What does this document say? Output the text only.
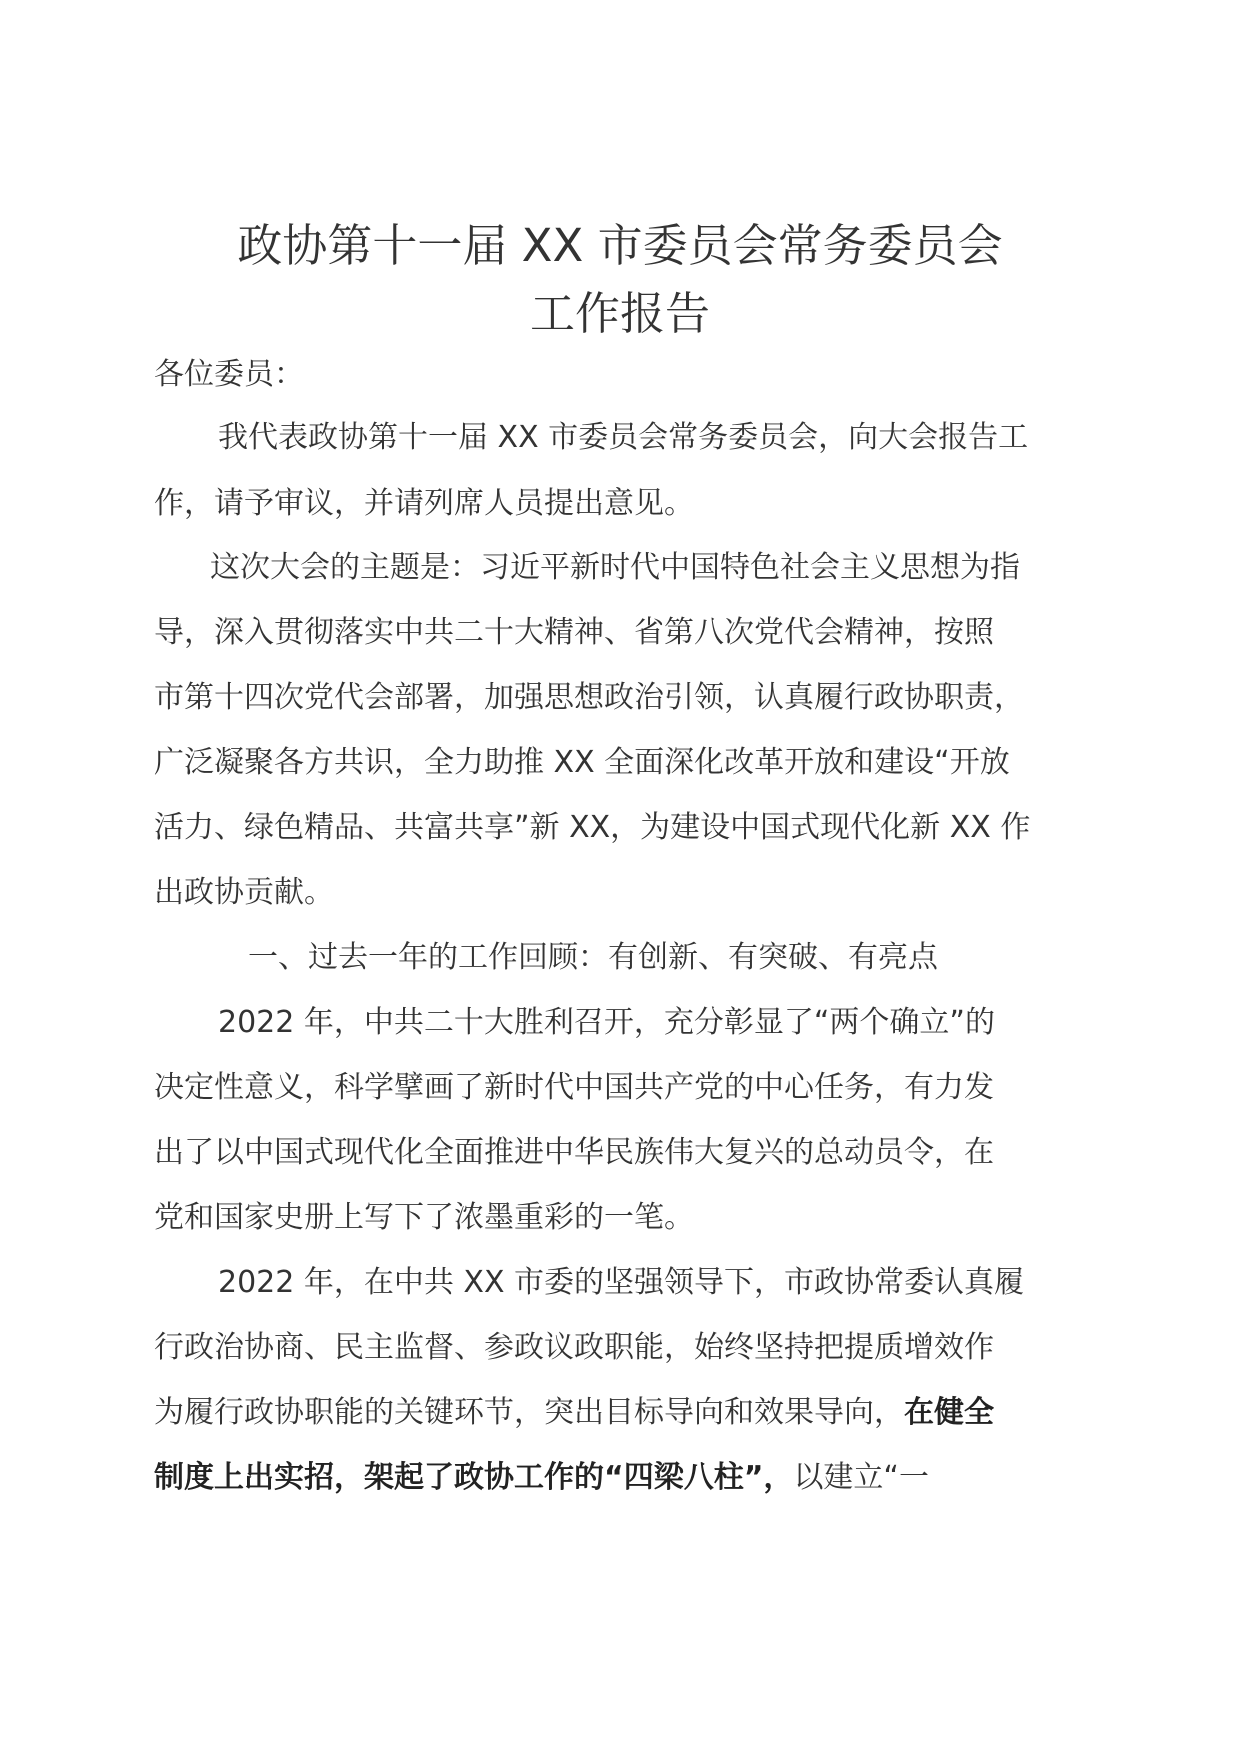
政协第十一届 XX 市委员会常务委员会
工作报告
各位委员：
我代表政协第十一届 XX 市委员会常务委员会，向大会报告工
作，请予审议，并请列席人员提出意见。
这次大会的主题是：习近平新时代中国特色社会主义思想为指
导，深入贯彻落实中共二十大精神、省第八次党代会精神，按照
市第十四次党代会部署，加强思想政治引领，认真履行政协职责，
广泛凝聚各方共识，全力助推 XX 全面深化改革开放和建设“开放
活力、绿色精品、共富共享”新 XX，为建设中国式现代化新 XX 作
出政协贡献。
一、过去一年的工作回顾：有创新、有突破、有亮点
2022 年，中共二十大胜利召开，充分彰显了“两个确立”的
决定性意义，科学擘画了新时代中国共产党的中心任务，有力发
出了以中国式现代化全面推进中华民族伟大复兴的总动员令，在
党和国家史册上写下了浓墨重彩的一笔。
2022 年，在中共 XX 市委的坚强领导下，市政协常委认真履
行政治协商、民主监督、参政议政职能，始终坚持把提质增效作
为履行政协职能的关键环节，突出目标导向和效果导向，在健全
制度上出实招，架起了政协工作的“四梁八柱”，以建立“一
